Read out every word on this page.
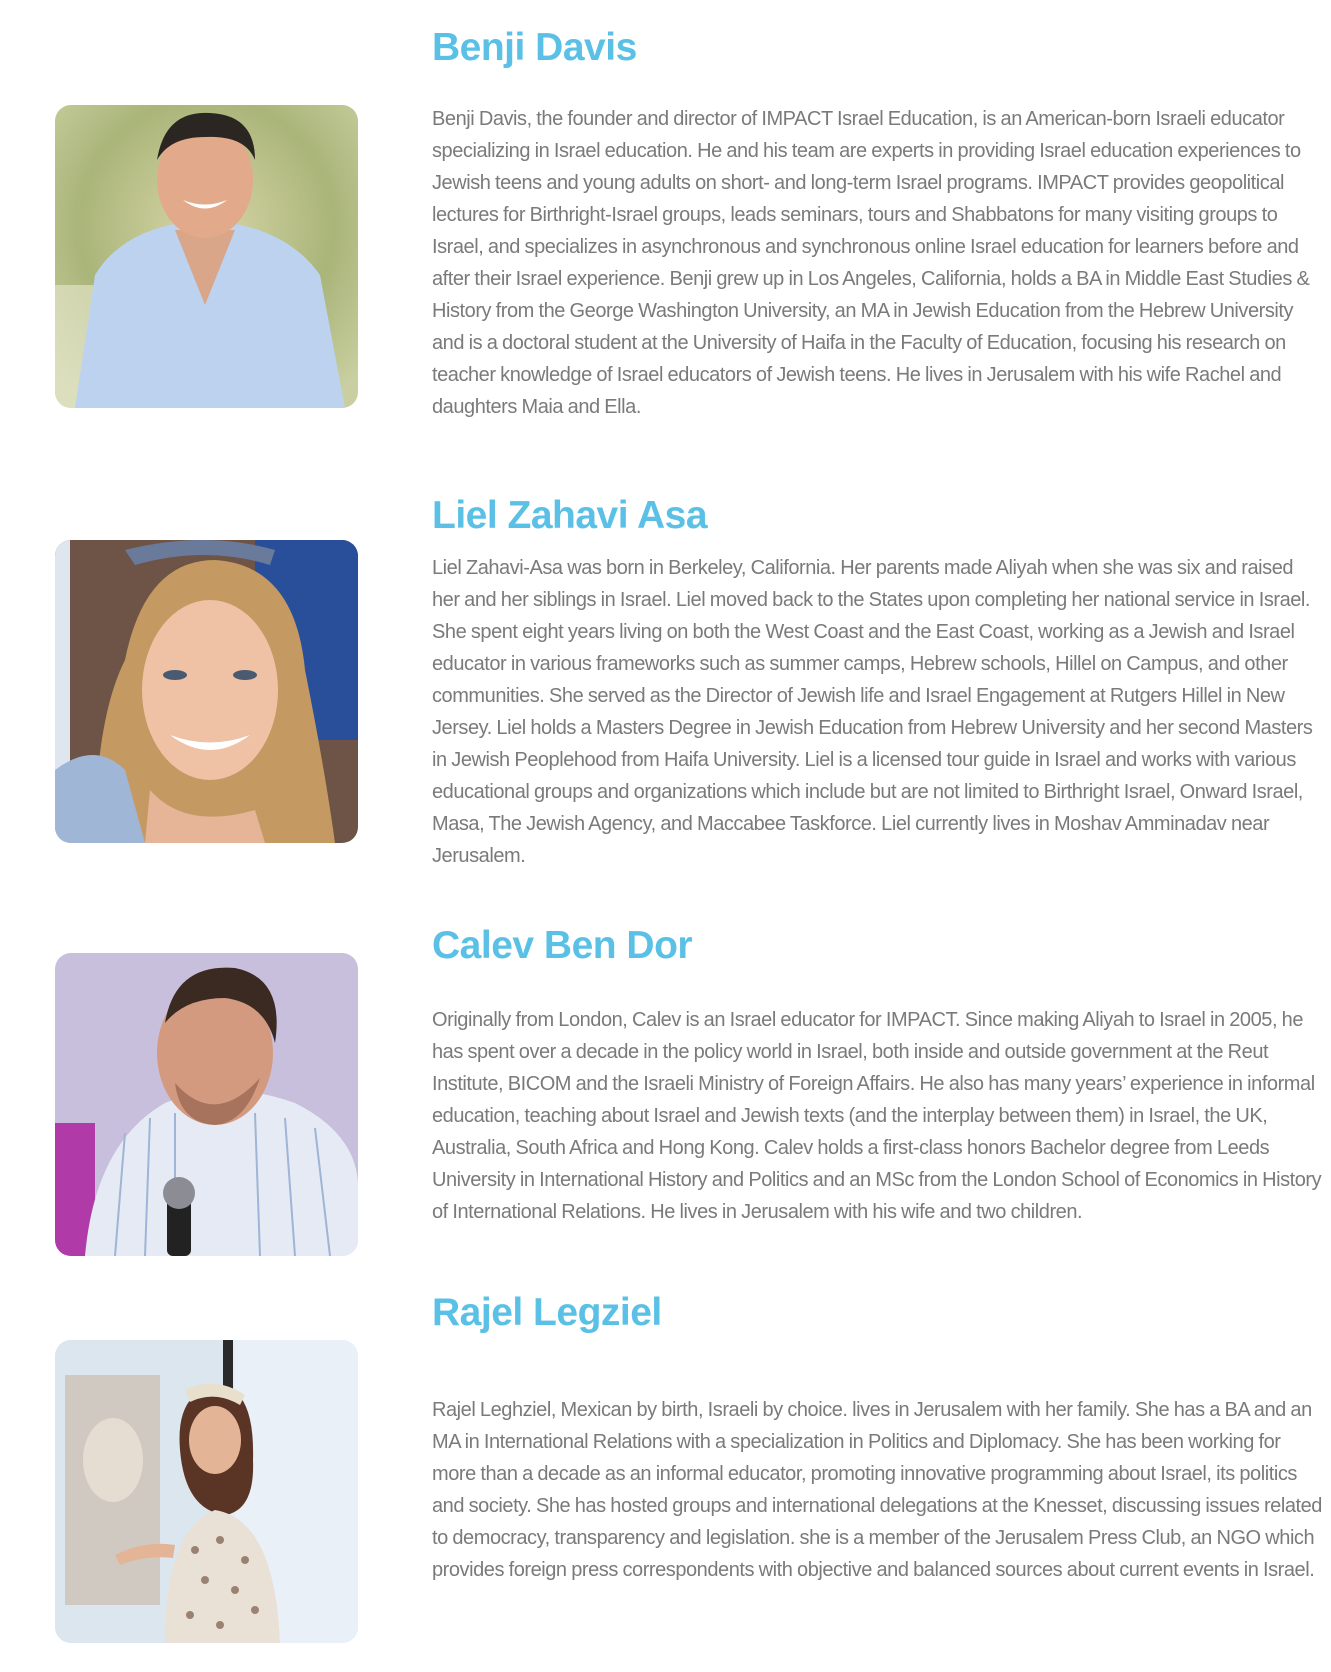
Benji Davis

Benji Davis, the founder and director of IMPACT Israel Education, is an American-born Israeli educator specializing in Israel education. He and his team are experts in providing Israel education experiences to Jewish teens and young adults on short- and long-term Israel programs. IMPACT provides geopolitical lectures for Birthright-Israel groups, leads seminars, tours and Shabbatons for many visiting groups to Israel, and specializes in asynchronous and synchronous online Israel education for learners before and after their Israel experience. Benji grew up in Los Angeles, California, holds a BA in Middle East Studies & History from the George Washington University, an MA in Jewish Education from the Hebrew University and is a doctoral student at the University of Haifa in the Faculty of Education, focusing his research on teacher knowledge of Israel educators of Jewish teens. He lives in Jerusalem with his wife Rachel and daughters Maia and Ella.

Liel Zahavi Asa

Liel Zahavi-Asa was born in Berkeley, California. Her parents made Aliyah when she was six and raised her and her siblings in Israel. Liel moved back to the States upon completing her national service in Israel. She spent eight years living on both the West Coast and the East Coast, working as a Jewish and Israel educator in various frameworks such as summer camps, Hebrew schools, Hillel on Campus, and other communities. She served as the Director of Jewish life and Israel Engagement at Rutgers Hillel in New Jersey. Liel holds a Masters Degree in Jewish Education from Hebrew University and her second Masters in Jewish Peoplehood from Haifa University. Liel is a licensed tour guide in Israel and works with various educational groups and organizations which include but are not limited to Birthright Israel, Onward Israel, Masa, The Jewish Agency, and Maccabee Taskforce. Liel currently lives in Moshav Amminadav near Jerusalem.

Calev Ben Dor

Originally from London, Calev is an Israel educator for IMPACT. Since making Aliyah to Israel in 2005, he has spent over a decade in the policy world in Israel, both inside and outside government at the Reut Institute, BICOM and the Israeli Ministry of Foreign Affairs. He also has many years’ experience in informal education, teaching about Israel and Jewish texts (and the interplay between them) in Israel, the UK, Australia, South Africa and Hong Kong. Calev holds a first-class honors Bachelor degree from Leeds University in International History and Politics and an MSc from the London School of Economics in History of International Relations. He lives in Jerusalem with his wife and two children.

Rajel Legziel

Rajel Leghziel, Mexican by birth, Israeli by choice. lives in Jerusalem with her family. She has a BA and an MA in International Relations with a specialization in Politics and Diplomacy. She has been working for more than a decade as an informal educator, promoting innovative programming about Israel, its politics and society. She has hosted groups and international delegations at the Knesset, discussing issues related to democracy, transparency and legislation. she is a member of the Jerusalem Press Club, an NGO which provides foreign press correspondents with objective and balanced sources about current events in Israel.
